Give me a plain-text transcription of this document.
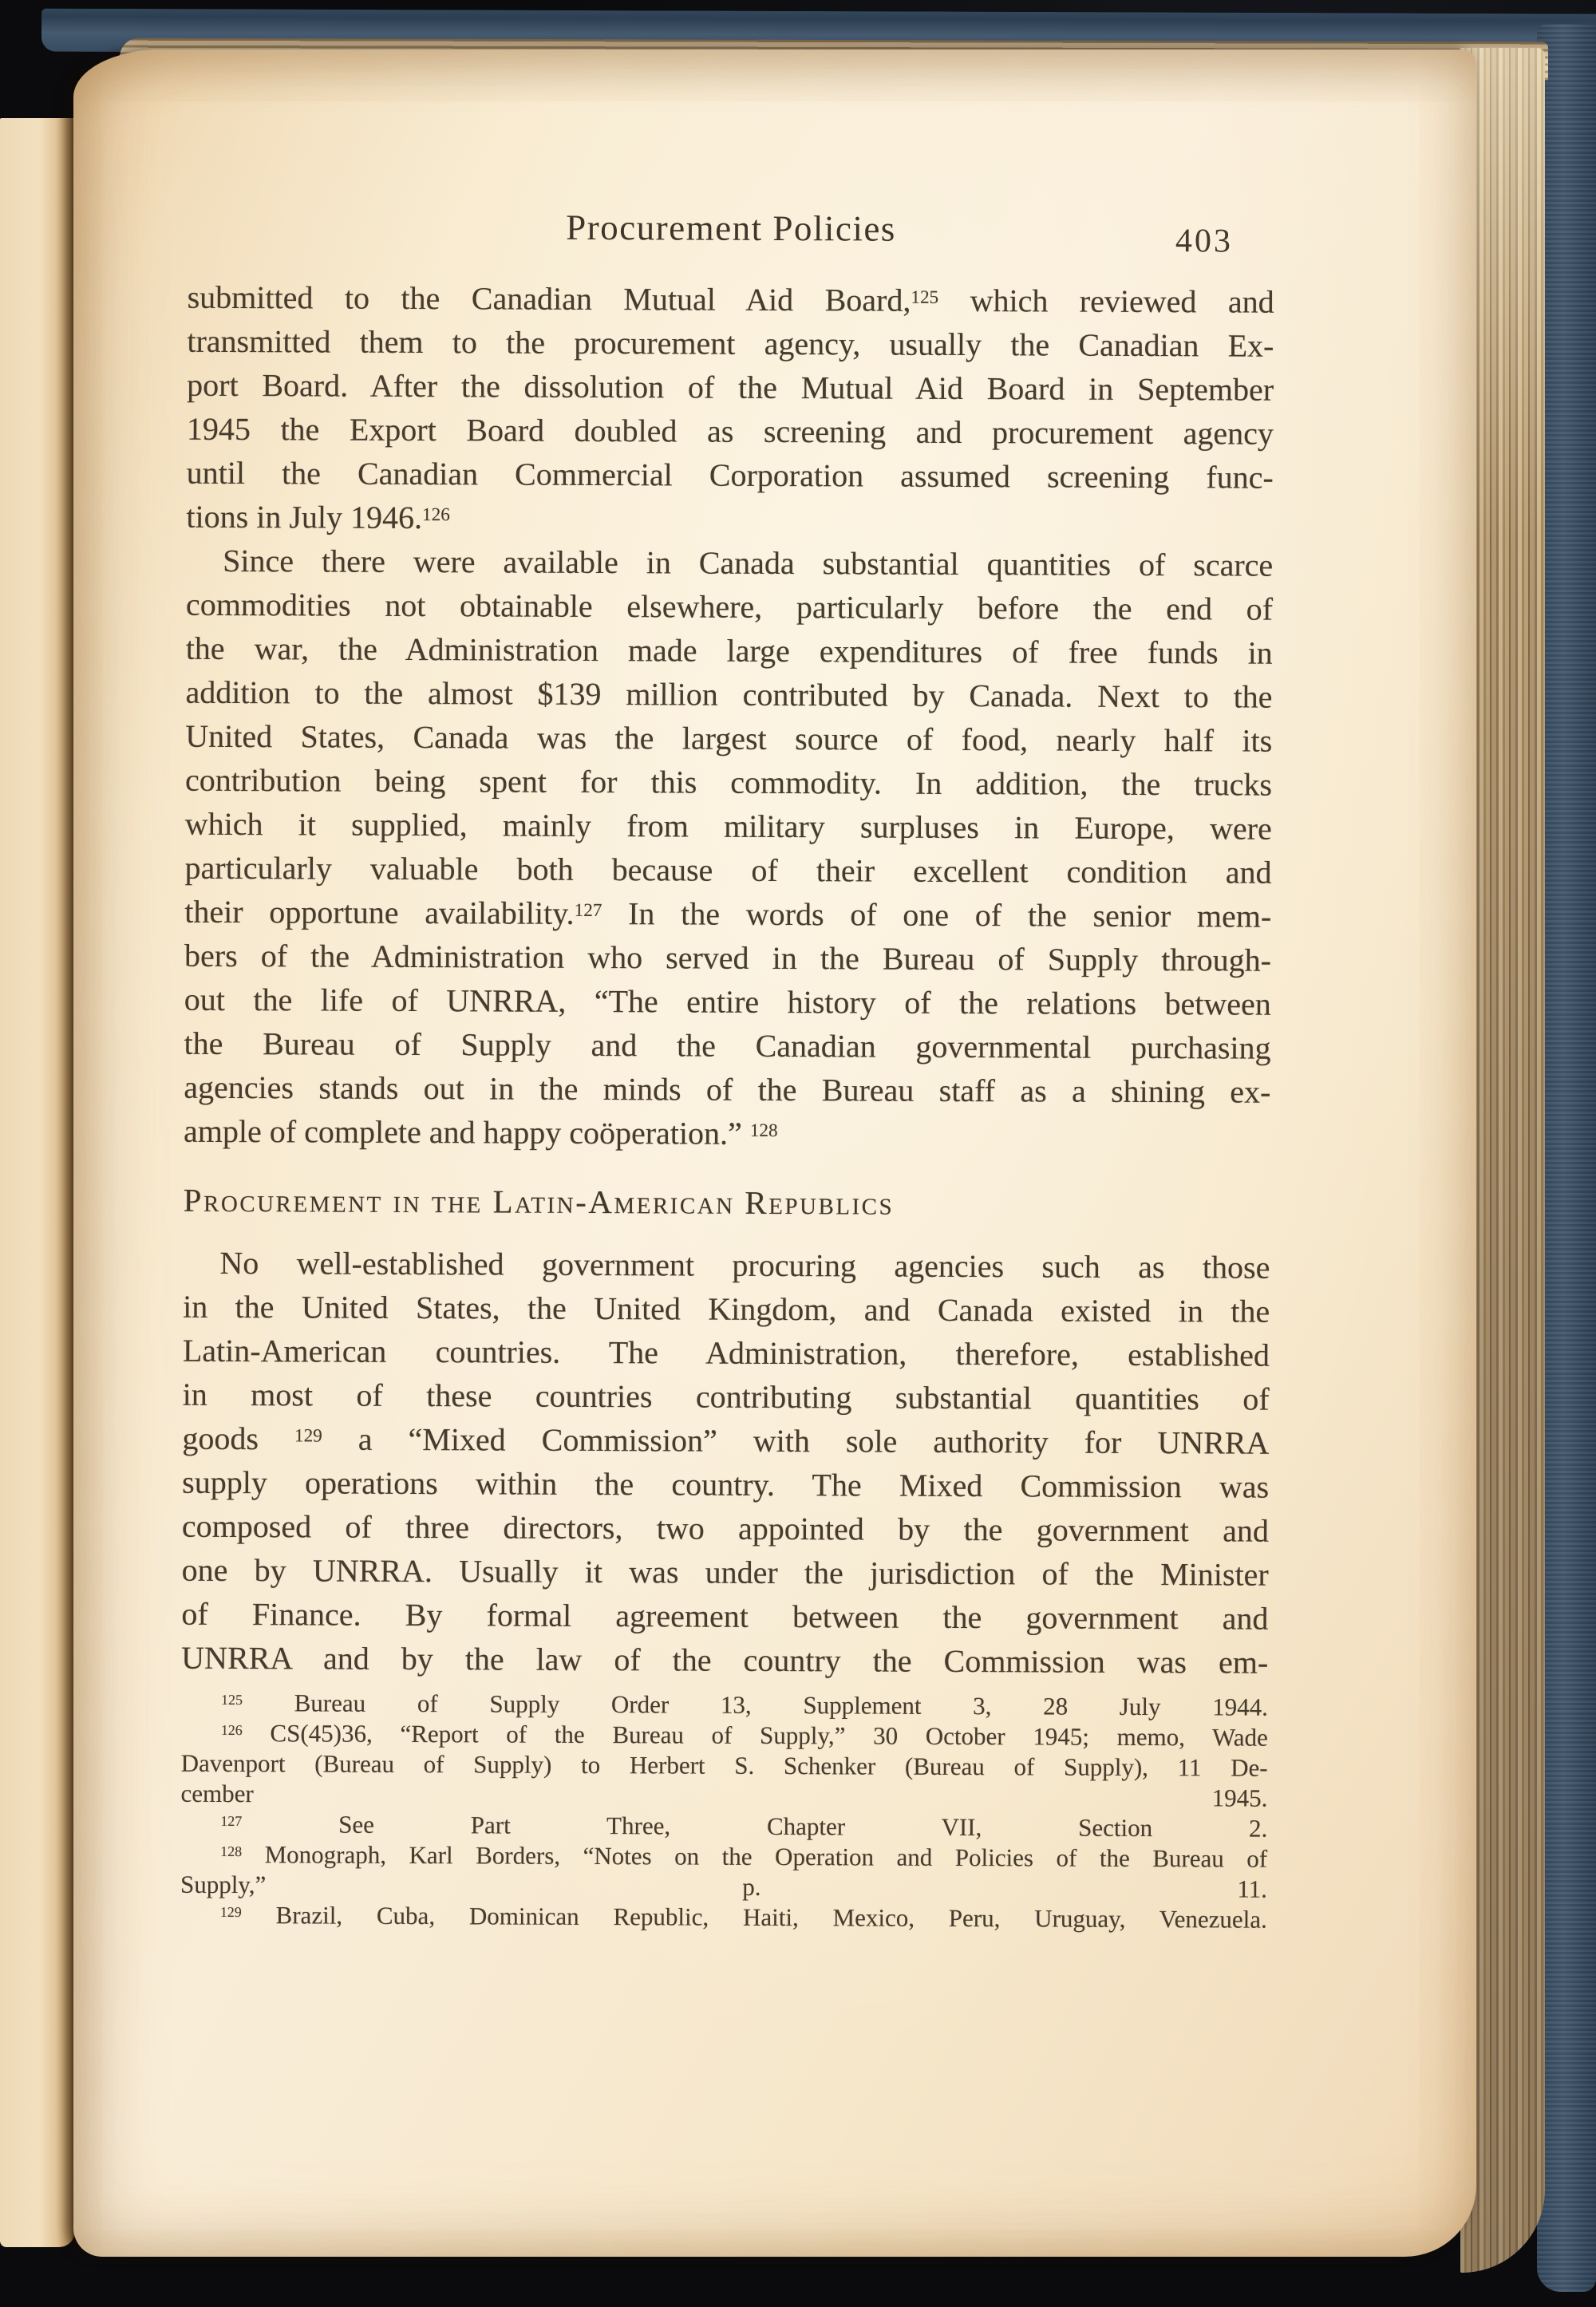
Procurement Policies	403
submitted to the Canadian Mutual Aid Board,$^{125}$ which reviewed and
transmitted them to the procurement agency, usually the Canadian Ex-
port Board. After the dissolution of the Mutual Aid Board in September
1945 the Export Board doubled as screening and procurement agency
until the Canadian Commercial Corporation assumed screening func-
tions in July 1946.$^{126}$
Since there were available in Canada substantial quantities of scarce
commodities not obtainable elsewhere, particularly before the end of
the war, the Administration made large expenditures of free funds in
addition to the almost $139 million contributed by Canada. Next to the
United States, Canada was the largest source of food, nearly half its
contribution being spent for this commodity. In addition, the trucks
which it supplied, mainly from military surpluses in Europe, were
particularly valuable both because of their excellent condition and
their opportune availability.$^{127}$ In the words of one of the senior mem-
bers of the Administration who served in the Bureau of Supply through-
out the life of UNRRA, “The entire history of the relations between
the Bureau of Supply and the Canadian governmental purchasing
agencies stands out in the minds of the Bureau staff as a shining ex-
ample of complete and happy coöperation.” $^{128}$
Procurement in the Latin-American Republics
No well-established government procuring agencies such as those
in the United States, the United Kingdom, and Canada existed in the
Latin-American countries. The Administration, therefore, established
in most of these countries contributing substantial quantities of
goods $^{129}$ a “Mixed Commission” with sole authority for UNRRA
supply operations within the country. The Mixed Commission was
composed of three directors, two appointed by the government and
one by UNRRA. Usually it was under the jurisdiction of the Minister
of Finance. By formal agreement between the government and
UNRRA and by the law of the country the Commission was em-
$^{125}$ Bureau of Supply Order 13, Supplement 3, 28 July 1944.
$^{126}$ CS(45)36, “Report of the Bureau of Supply,” 30 October 1945; memo, Wade
Davenport (Bureau of Supply) to Herbert S. Schenker (Bureau of Supply), 11 De-
cember 1945.
$^{127}$ See Part Three, Chapter VII, Section 2.
$^{128}$ Monograph, Karl Borders, “Notes on the Operation and Policies of the Bureau of
Supply,” p. 11.
$^{129}$ Brazil, Cuba, Dominican Republic, Haiti, Mexico, Peru, Uruguay, Venezuela.
